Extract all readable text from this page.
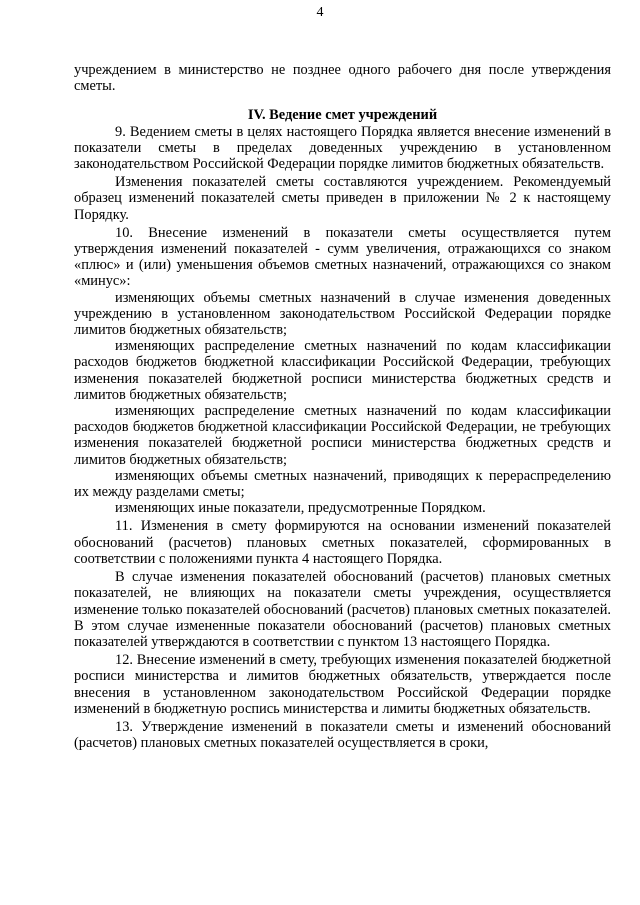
4

учреждением в министерство не позднее одного рабочего дня после утверждения сметы.

IV. Ведение смет учреждений

9. Ведением сметы в целях настоящего Порядка является внесение изменений в показатели сметы в пределах доведенных учреждению в установленном законодательством Российской Федерации порядке лимитов бюджетных обязательств.

Изменения показателей сметы составляются учреждением. Рекомендуемый образец изменений показателей сметы приведен в приложении № 2 к настоящему Порядку.

10. Внесение изменений в показатели сметы осуществляется путем утверждения изменений показателей - сумм увеличения, отражающихся со знаком «плюс» и (или) уменьшения объемов сметных назначений, отражающихся со знаком «минус»:

изменяющих объемы сметных назначений в случае изменения доведенных учреждению в установленном законодательством Российской Федерации порядке лимитов бюджетных обязательств;

изменяющих распределение сметных назначений по кодам классификации расходов бюджетов бюджетной классификации Российской Федерации, требующих изменения показателей бюджетной росписи министерства бюджетных средств и лимитов бюджетных обязательств;

изменяющих распределение сметных назначений по кодам классификации расходов бюджетов бюджетной классификации Российской Федерации, не требующих изменения показателей бюджетной росписи министерства бюджетных средств и лимитов бюджетных обязательств;

изменяющих объемы сметных назначений, приводящих к перераспределению их между разделами сметы;

изменяющих иные показатели, предусмотренные Порядком.

11. Изменения в смету формируются на основании изменений показателей обоснований (расчетов) плановых сметных показателей, сформированных в соответствии с положениями пункта 4 настоящего Порядка.

В случае изменения показателей обоснований (расчетов) плановых сметных показателей, не влияющих на показатели сметы учреждения, осуществляется изменение только показателей обоснований (расчетов) плановых сметных показателей. В этом случае измененные показатели обоснований (расчетов) плановых сметных показателей утверждаются в соответствии с пунктом 13 настоящего Порядка.

12. Внесение изменений в смету, требующих изменения показателей бюджетной росписи министерства и лимитов бюджетных обязательств, утверждается после внесения в установленном законодательством Российской Федерации порядке изменений в бюджетную роспись министерства и лимиты бюджетных обязательств.

13. Утверждение изменений в показатели сметы и изменений обоснований (расчетов) плановых сметных показателей осуществляется в сроки,
